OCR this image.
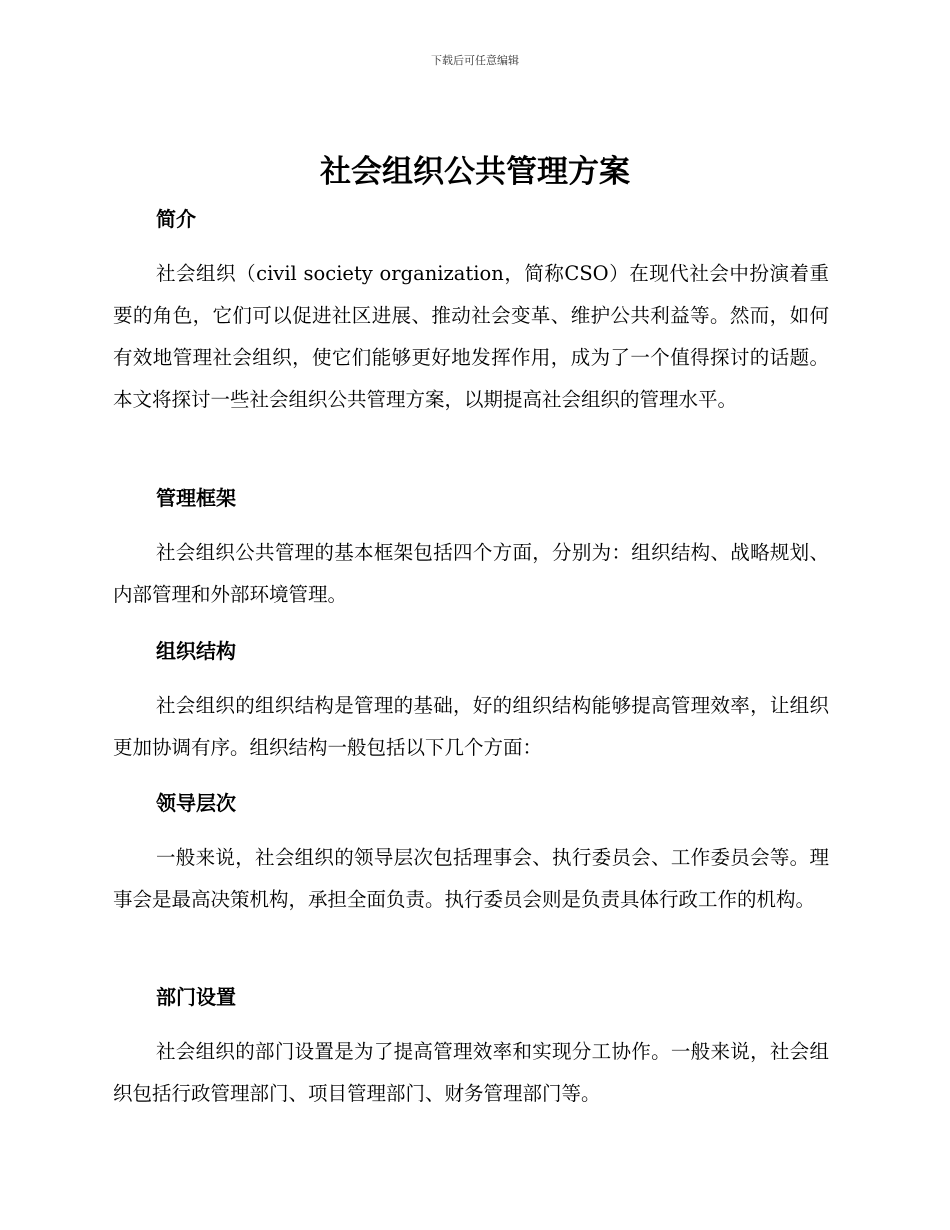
下载后可任意编辑
社会组织公共管理方案
简介

社会组织（civil society organization，简称CSO）在现代社会中扮演着重要的角色，它们可以促进社区进展、推动社会变革、维护公共利益等。然而，如何有效地管理社会组织，使它们能够更好地发挥作用，成为了一个值得探讨的话题。本文将探讨一些社会组织公共管理方案，以期提高社会组织的管理水平。

管理框架

社会组织公共管理的基本框架包括四个方面，分别为：组织结构、战略规划、内部管理和外部环境管理。

组织结构

社会组织的组织结构是管理的基础，好的组织结构能够提高管理效率，让组织更加协调有序。组织结构一般包括以下几个方面：

领导层次

一般来说，社会组织的领导层次包括理事会、执行委员会、工作委员会等。理事会是最高决策机构，承担全面负责。执行委员会则是负责具体行政工作的机构。

部门设置

社会组织的部门设置是为了提高管理效率和实现分工协作。一般来说，社会组织包括行政管理部门、项目管理部门、财务管理部门等。
